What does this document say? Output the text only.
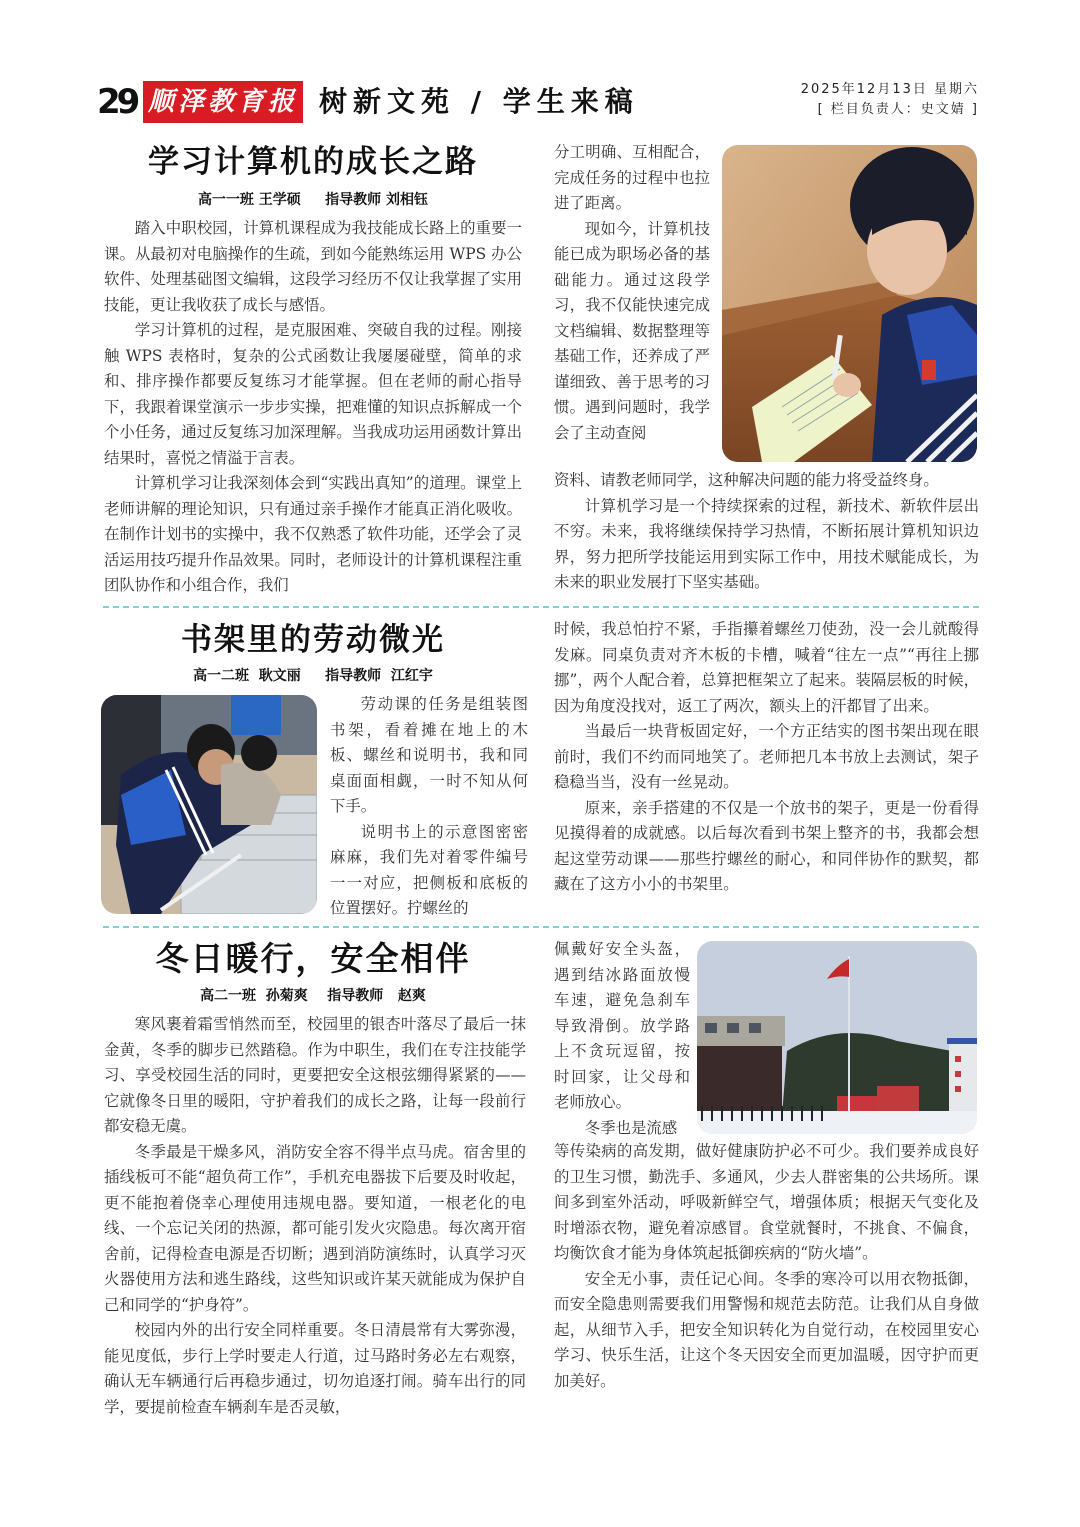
29 顺泽教育报 树新文苑 / 学生来稿	2025年12月13日 星期六
[ 栏目负责人：史文婧 ]
学习计算机的成长之路
高一一班 王学硕     指导教师 刘相钰

踏入中职校园，计算机课程成为我技能成长路上的重要一课。从最初对电脑操作的生疏，到如今能熟练运用 WPS 办公软件、处理基础图文编辑，这段学习经历不仅让我掌握了实用技能，更让我收获了成长与感悟。

学习计算机的过程，是克服困难、突破自我的过程。刚接触 WPS 表格时，复杂的公式函数让我屡屡碰壁，简单的求和、排序操作都要反复练习才能掌握。但在老师的耐心指导下，我跟着课堂演示一步步实操，把难懂的知识点拆解成一个个小任务，通过反复练习加深理解。当我成功运用函数计算出结果时，喜悦之情溢于言表。

计算机学习让我深刻体会到“实践出真知”的道理。课堂上老师讲解的理论知识，只有通过亲手操作才能真正消化吸收。在制作计划书的实操中，我不仅熟悉了软件功能，还学会了灵活运用技巧提升作品效果。同时，老师设计的计算机课程注重团队协作和小组合作，我们

分工明确、互相配合，完成任务的过程中也拉进了距离。

现如今，计算机技能已成为职场必备的基础能力。通过这段学习，我不仅能快速完成文档编辑、数据整理等基础工作，还养成了严谨细致、善于思考的习惯。遇到问题时，我学会了主动查阅

资料、请教老师同学，这种解决问题的能力将受益终身。

计算机学习是一个持续探索的过程，新技术、新软件层出不穷。未来，我将继续保持学习热情，不断拓展计算机知识边界，努力把所学技能运用到实际工作中，用技术赋能成长，为未来的职业发展打下坚实基础。

书架里的劳动微光
高一二班  耿文丽     指导教师  江红宇

劳动课的任务是组装图书架，看着摊在地上的木板、螺丝和说明书，我和同桌面面相觑，一时不知从何下手。

说明书上的示意图密密麻麻，我们先对着零件编号一一对应，把侧板和底板的位置摆好。拧螺丝的

时候，我总怕拧不紧，手指攥着螺丝刀使劲，没一会儿就酸得发麻。同桌负责对齐木板的卡槽，喊着“往左一点”“再往上挪挪”，两个人配合着，总算把框架立了起来。装隔层板的时候，因为角度没找对，返工了两次，额头上的汗都冒了出来。

当最后一块背板固定好，一个方正结实的图书架出现在眼前时，我们不约而同地笑了。老师把几本书放上去测试，架子稳稳当当，没有一丝晃动。

原来，亲手搭建的不仅是一个放书的架子，更是一份看得见摸得着的成就感。以后每次看到书架上整齐的书，我都会想起这堂劳动课——那些拧螺丝的耐心，和同伴协作的默契，都藏在了这方小小的书架里。

冬日暖行，安全相伴
高二一班  孙菊爽    指导教师   赵爽

寒风裹着霜雪悄然而至，校园里的银杏叶落尽了最后一抹金黄，冬季的脚步已然踏稳。作为中职生，我们在专注技能学习、享受校园生活的同时，更要把安全这根弦绷得紧紧的——它就像冬日里的暖阳，守护着我们的成长之路，让每一段前行都安稳无虞。

冬季最是干燥多风，消防安全容不得半点马虎。宿舍里的插线板可不能“超负荷工作”，手机充电器拔下后要及时收起，更不能抱着侥幸心理使用违规电器。要知道，一根老化的电线、一个忘记关闭的热源，都可能引发火灾隐患。每次离开宿舍前，记得检查电源是否切断；遇到消防演练时，认真学习灭火器使用方法和逃生路线，这些知识或许某天就能成为保护自己和同学的“护身符”。

校园内外的出行安全同样重要。冬日清晨常有大雾弥漫，能见度低，步行上学时要走人行道，过马路时务必左右观察，确认无车辆通行后再稳步通过，切勿追逐打闹。骑车出行的同学，要提前检查车辆刹车是否灵敏，

佩戴好安全头盔，遇到结冰路面放慢车速，避免急刹车导致滑倒。放学路上不贪玩逗留，按时回家，让父母和老师放心。

冬季也是流感

等传染病的高发期，做好健康防护必不可少。我们要养成良好的卫生习惯，勤洗手、多通风，少去人群密集的公共场所。课间多到室外活动，呼吸新鲜空气，增强体质；根据天气变化及时增添衣物，避免着凉感冒。食堂就餐时，不挑食、不偏食，均衡饮食才能为身体筑起抵御疾病的“防火墙”。

安全无小事，责任记心间。冬季的寒冷可以用衣物抵御，而安全隐患则需要我们用警惕和规范去防范。让我们从自身做起，从细节入手，把安全知识转化为自觉行动，在校园里安心学习、快乐生活，让这个冬天因安全而更加温暖，因守护而更加美好。
